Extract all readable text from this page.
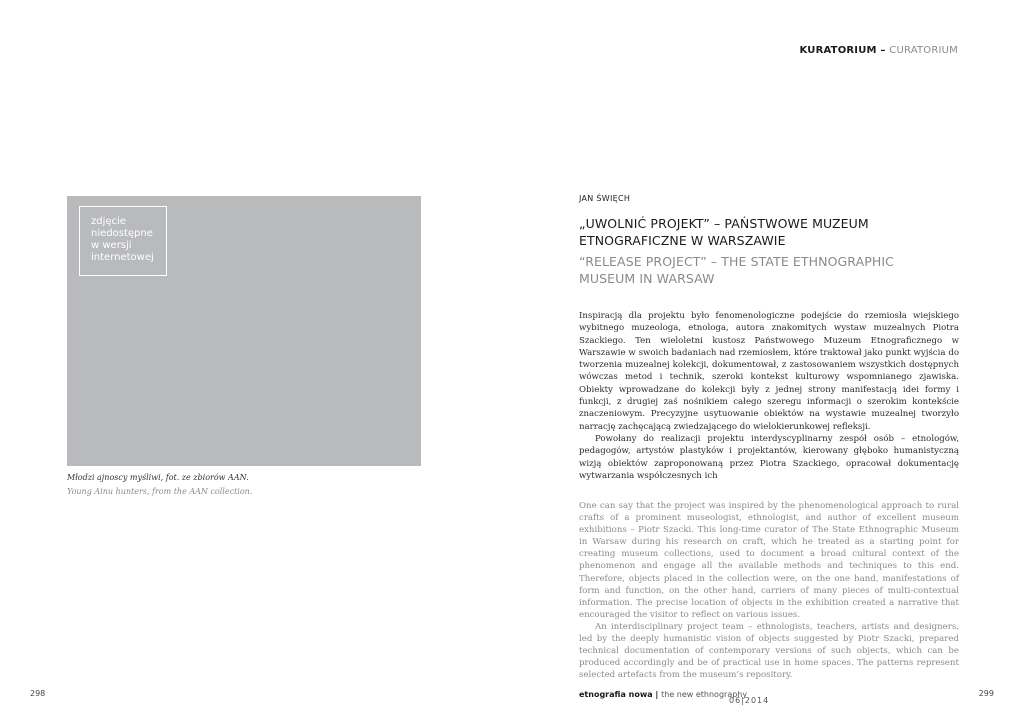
KURATORIUM – CURATORIUM
zdjęcie
niedostępne
w wersji
internetowej
Młodzi ajnoscy myśliwi, fot. ze zbiorów AAN.
Young Ainu hunters, from the AAN collection.
JAN ŚWIĘCH
„UWOLNIĆ PROJEKT” – PAŃSTWOWE MUZEUM
ETNOGRAFICZNE W WARSZAWIE
“RELEASE PROJECT” – THE STATE ETHNOGRAPHIC
MUSEUM IN WARSAW

Inspiracją dla projektu było fenomenologiczne podejście do rzemiosła wiejskiego wybitnego muzeologa, etnologa, autora znakomitych wystaw muzealnych Piotra Szackiego. Ten wieloletni kustosz Państwowego Muzeum Etnograficznego w Warszawie w swoich badaniach nad rzemiosłem, które traktował jako punkt wyjścia do tworzenia muzealnej kolekcji, dokumentował, z zastosowaniem wszystkich dostępnych wówczas metod i technik, szeroki kontekst kulturowy wspomnianego zjawiska. Obiekty wprowadzane do kolekcji były z jednej strony manifestacją idei formy i funkcji, z drugiej zaś nośnikiem całego szeregu informacji o szerokim kontekście znaczeniowym. Precyzyjne usytuowanie obiektów na wystawie muzealnej tworzyło narrację zachęcającą zwiedzającego do wielokierunkowej refleksji.

Powołany do realizacji projektu interdyscyplinarny zespół osób – etnologów, pedagogów, artystów plastyków i projektantów, kierowany głęboko humanistyczną wizją obiektów zaproponowaną przez Piotra Szackiego, opracował dokumentację wytwarzania współczesnych ich

One can say that the project was inspired by the phenomenological approach to rural crafts of a prominent museologist, ethnologist, and author of excellent museum exhibitions – Piotr Szacki. This long-time curator of The State Ethnographic Museum in Warsaw during his research on craft, which he treated as a starting point for creating museum collections, used to document a broad cultural context of the phenomenon and engage all the available methods and techniques to this end. Therefore, objects placed in the collection were, on the one hand, manifestations of form and function, on the other hand, carriers of many pieces of multi-contextual information. The precise location of objects in the exhibition created a narrative that encouraged the visitor to reflect on various issues.

An interdisciplinary project team – ethnologists, teachers, artists and designers, led by the deeply humanistic vision of objects suggested by Piotr Szacki, prepared technical documentation of contemporary versions of such objects, which can be produced accordingly and be of practical use in home spaces. The patterns represent selected artefacts from the museum’s repository.

298	299
etnografia nowa | the new ethnography
06|2014
